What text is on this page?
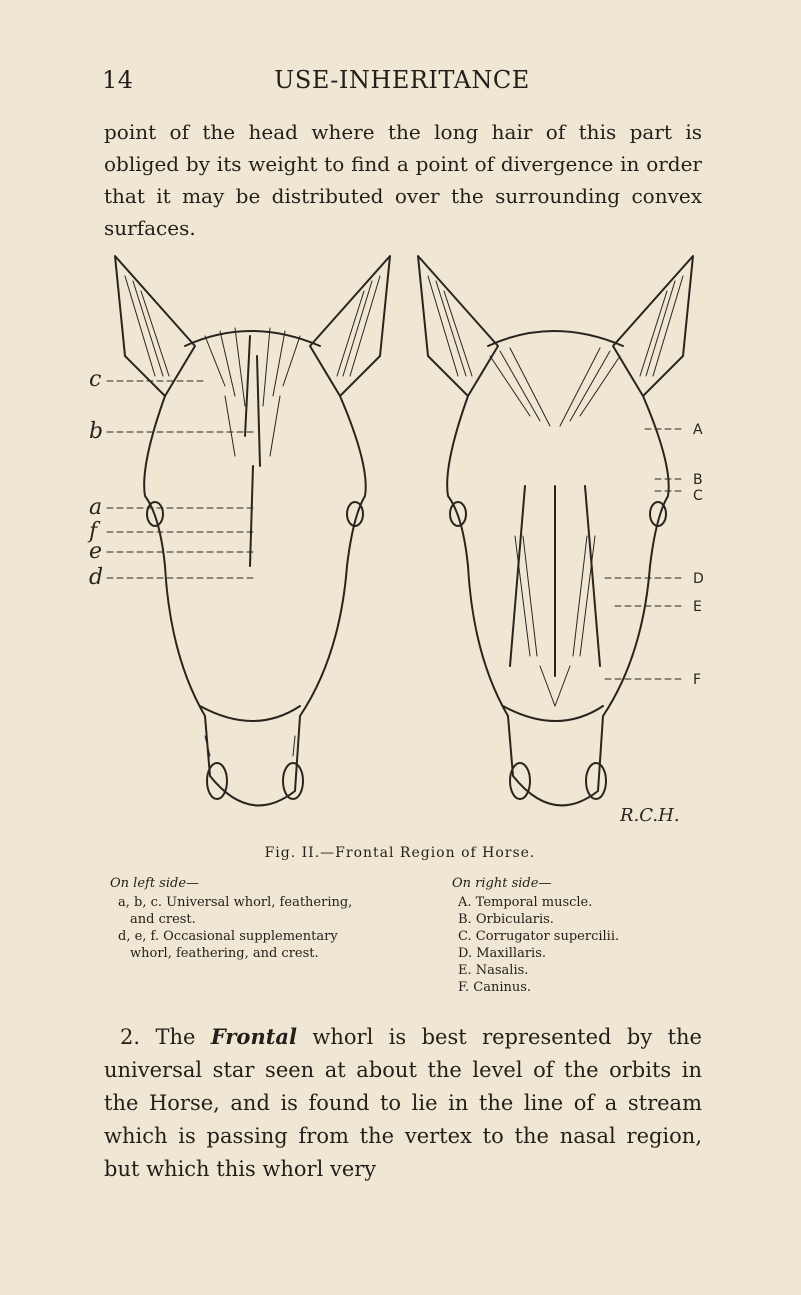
14	USE-INHERITANCE

point of the head where the long hair of this part is obliged by its weight to find a point of divergence in order that it may be distributed over the surrounding convex surfaces.

c
b
a
f
e
d
A
B
C
D
E
F
R.C.H.
Fig. II.—Frontal Region of Horse.
On left side—
a, b, c. Universal whorl, feathering, and crest.
d, e, f. Occasional supplementary whorl, feathering, and crest.
On right side—
A. Temporal muscle.
B. Orbicularis.
C. Corrugator supercilii.
D. Maxillaris.
E. Nasalis.
F. Caninus.

2. The Frontal whorl is best represented by the universal star seen at about the level of the orbits in the Horse, and is found to lie in the line of a stream which is passing from the vertex to the nasal region, but which this whorl very
